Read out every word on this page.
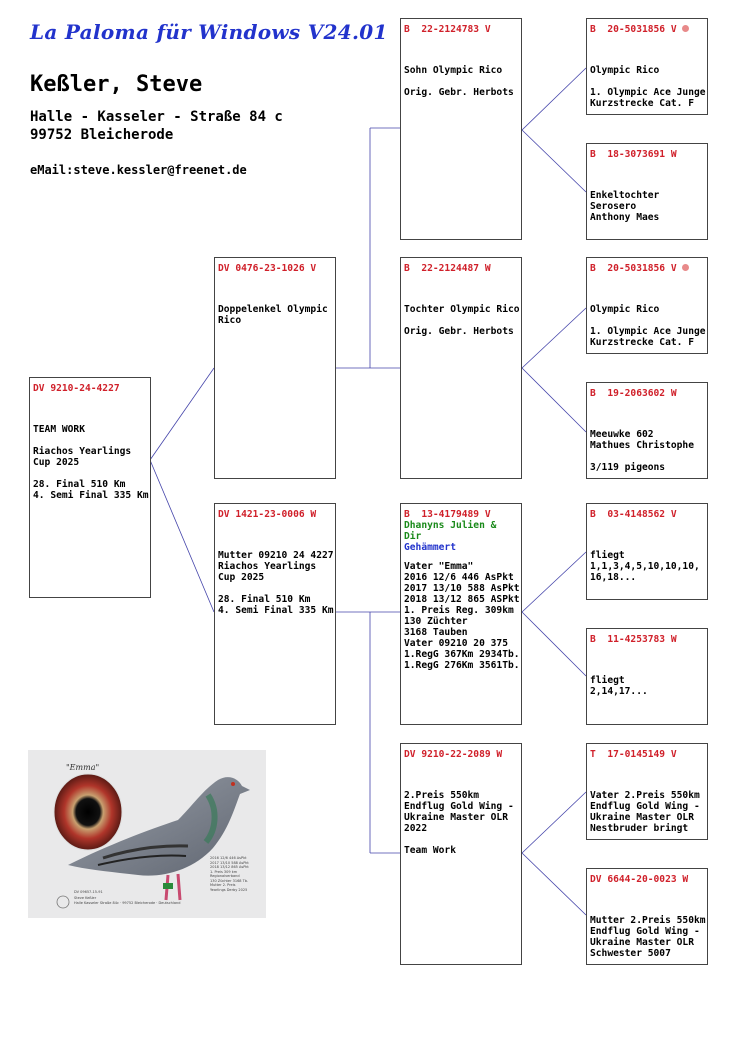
La Paloma für Windows V24.01
Keßler, Steve
Halle - Kasseler - Straße 84 c
99752 Bleicherode
eMail:steve.kessler@freenet.de
DV 9210-24-4227
TEAM WORK

Riachos Yearlings
Cup 2025

28. Final 510 Km
4. Semi Final 335 Km
DV 0476-23-1026 V
Doppelenkel Olympic
Rico
DV 1421-23-0006 W
Mutter 09210 24 4227
Riachos Yearlings
Cup 2025

28. Final 510 Km
4. Semi Final 335 Km
B  22-2124783 V
Sohn Olympic Rico

Orig. Gebr. Herbots
B  22-2124487 W
Tochter Olympic Rico

Orig. Gebr. Herbots
B  13-4179489 V
Dhanyns Julien & Dir
Gehämmert
Vater "Emma"
2016 12/6 446 AsPkt
2017 13/10 588 AsPkt
2018 13/12 865 ASPkt
1. Preis Reg. 309km
130 Züchter
3168 Tauben
Vater 09210 20 375
1.RegG 367Km 2934Tb.
1.RegG 276Km 3561Tb.
DV 9210-22-2089 W
2.Preis 550km
Endflug Gold Wing -
Ukraine Master OLR
2022

Team Work
B  20-5031856 V
Olympic Rico

1. Olympic Ace Junge
Kurzstrecke Cat. F
B  18-3073691 W
Enkeltochter
Serosero
Anthony Maes
B  20-5031856 V
Olympic Rico

1. Olympic Ace Junge
Kurzstrecke Cat. F
B  19-2063602 W
Meeuwke 602
Mathues Christophe

3/119 pigeons
B  03-4148562 V
fliegt
1,1,3,4,5,10,10,10,
16,18...
B  11-4253783 W
fliegt
2,14,17...
T  17-0145149 V
Vater 2.Preis 550km
Endflug Gold Wing -
Ukraine Master OLR
Nestbruder bringt
DV 6644-20-0023 W
Mutter 2.Preis 550km
Endflug Gold Wing -
Ukraine Master OLR
Schwester 5007
"Emma"
2016 12/6 446 AsPkt
2017 13/10 588 AsPkt
2018 13/12 865 AsPkt
1. Preis 309 km
Regionalverband
130 Züchter 3168 Tb.
Mutter 2. Preis
Yearlings Derby 2025
DV 09657-15-91
Steve Keßler
Halle Kasseler Straße 84c · 99752 Bleicherode · Deutschland
